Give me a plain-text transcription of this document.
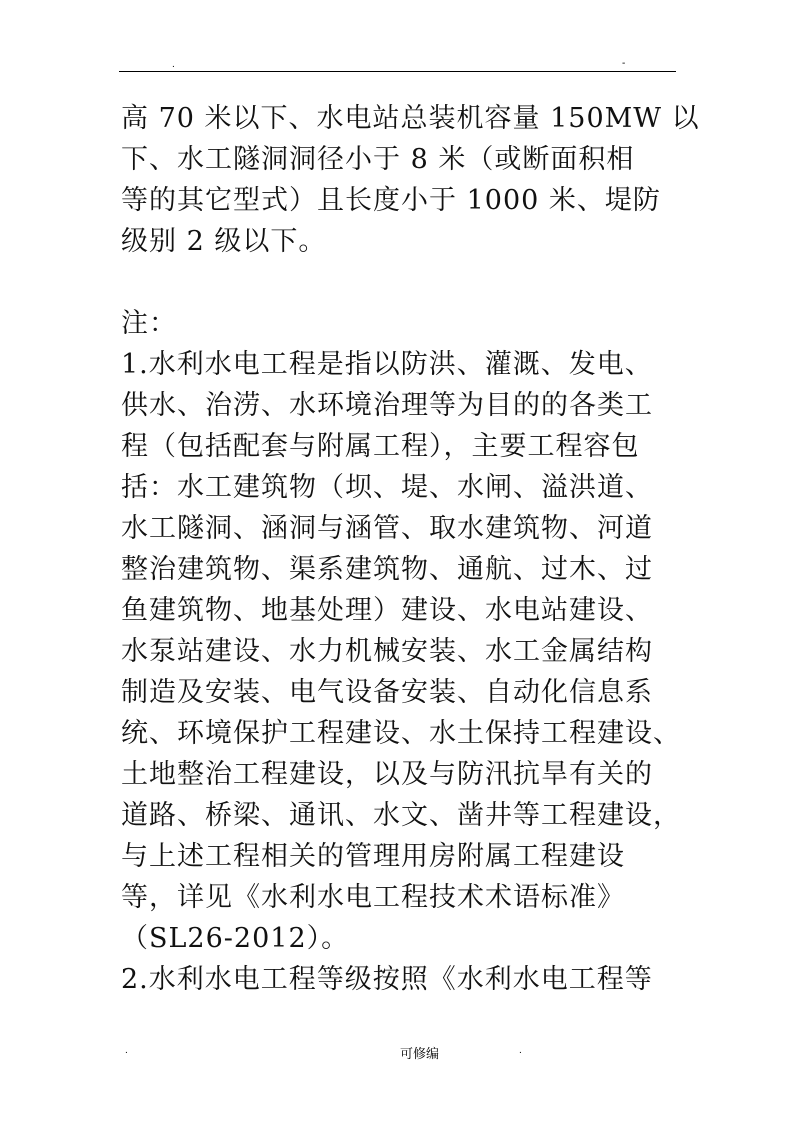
.	-
高 70 米以下、水电站总装机容量 150MW 以
下、水工隧洞洞径小于 8 米（或断面积相
等的其它型式）且长度小于 1000 米、堤防
级别 2 级以下。
注：
1.水利水电工程是指以防洪、灌溉、发电、
供水、治涝、水环境治理等为目的的各类工
程（包括配套与附属工程），主要工程容包
括：水工建筑物（坝、堤、水闸、溢洪道、
水工隧洞、涵洞与涵管、取水建筑物、河道
整治建筑物、渠系建筑物、通航、过木、过
鱼建筑物、地基处理）建设、水电站建设、
水泵站建设、水力机械安装、水工金属结构
制造及安装、电气设备安装、自动化信息系
统、环境保护工程建设、水土保持工程建设、
土地整治工程建设，以及与防汛抗旱有关的
道路、桥梁、通讯、水文、凿井等工程建设，
与上述工程相关的管理用房附属工程建设
等，详见《水利水电工程技术术语标准》
（SL26-2012）。
2.水利水电工程等级按照《水利水电工程等
.	可修编	.
